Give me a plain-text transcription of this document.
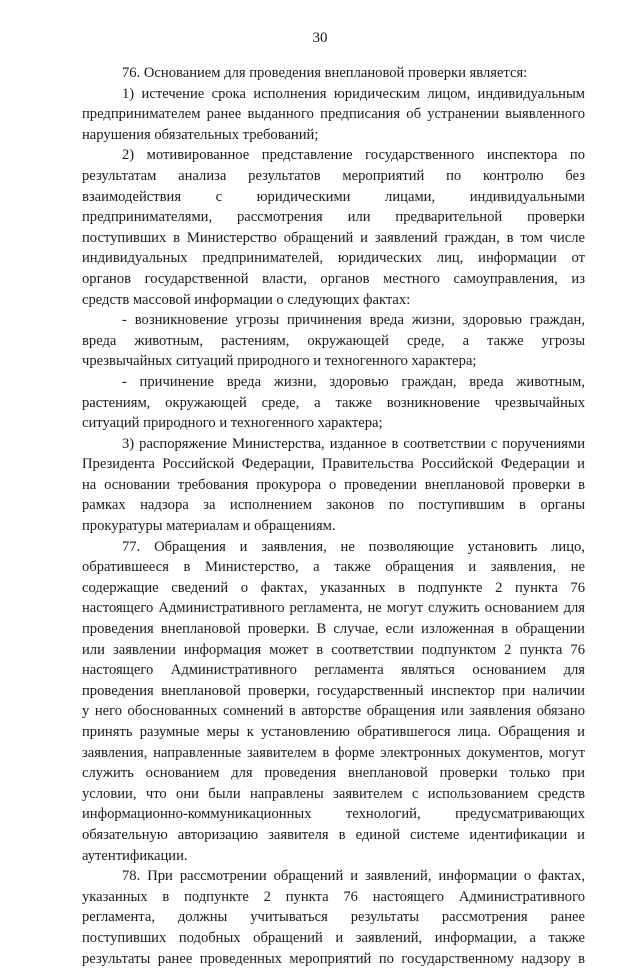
30
76. Основанием для проведения внеплановой проверки является:
1) истечение срока исполнения юридическим лицом, индивидуальным
предпринимателем ранее выданного предписания об устранении выявленного
нарушения обязательных требований;
2) мотивированное представление государственного инспектора по
результатам анализа результатов мероприятий по контролю без
взаимодействия с юридическими лицами, индивидуальными
предпринимателями, рассмотрения или предварительной проверки
поступивших в Министерство обращений и заявлений граждан, в том числе
индивидуальных предпринимателей, юридических лиц, информации от
органов государственной власти, органов местного самоуправления, из
средств массовой информации о следующих фактах:
- возникновение угрозы причинения вреда жизни, здоровью граждан,
вреда животным, растениям, окружающей среде, а также угрозы
чрезвычайных ситуаций природного и техногенного характера;
- причинение вреда жизни, здоровью граждан, вреда животным,
растениям, окружающей среде, а также возникновение чрезвычайных
ситуаций природного и техногенного характера;
3) распоряжение Министерства, изданное в соответствии с поручениями
Президента Российской Федерации, Правительства Российской Федерации и
на основании требования прокурора о проведении внеплановой проверки в
рамках надзора за исполнением законов по поступившим в органы
прокуратуры материалам и обращениям.
77. Обращения и заявления, не позволяющие установить лицо,
обратившееся в Министерство, а также обращения и заявления, не
содержащие сведений о фактах, указанных в подпункте 2 пункта 76
настоящего Административного регламента, не могут служить основанием для
проведения внеплановой проверки. В случае, если изложенная в обращении
или заявлении информация может в соответствии подпунктом 2 пункта 76
настоящего Административного регламента являться основанием для
проведения внеплановой проверки, государственный инспектор при наличии
у него обоснованных сомнений в авторстве обращения или заявления обязано
принять разумные меры к установлению обратившегося лица. Обращения и
заявления, направленные заявителем в форме электронных документов, могут
служить основанием для проведения внеплановой проверки только при
условии, что они были направлены заявителем с использованием средств
информационно-коммуникационных технологий, предусматривающих
обязательную авторизацию заявителя в единой системе идентификации и
аутентификации.
78. При рассмотрении обращений и заявлений, информации о фактах,
указанных в подпункте 2 пункта 76 настоящего Административного
регламента, должны учитываться результаты рассмотрения ранее
поступивших подобных обращений и заявлений, информации, а также
результаты ранее проведенных мероприятий по государственному надзору в
